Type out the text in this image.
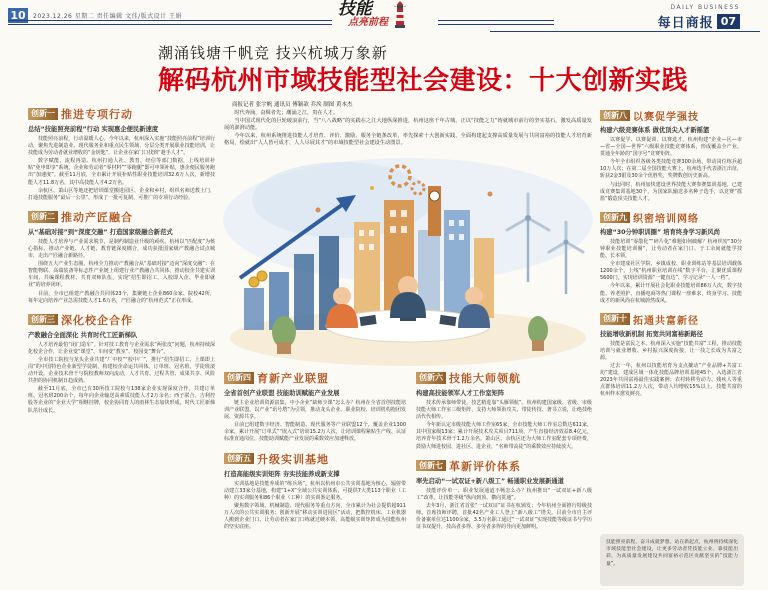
10	2023.12.26 星期二 责任编辑 文佳/版式设计 王娟	技能
点亮前程
DAILY BUSINESS
每日商报 07
潮涌钱塘千帆竞 技兴杭城万象新
解码杭州市域技能型社会建设：十大创新实践
商报记者 张宇帆 通讯员 傅颖歆 乔埃 制图 黄本杰

时代奔涌，奋楫者先；潮涌之江，贵在人才。

当中国式现代化的巨轮破浪前行，当“八八战略”的实践在之江大地纵深推进，杭州这座千年古城，正以“技能之力”铸就城市前行的坚实基石，激发高质量发展的澎湃动能。

今年以来，杭州系统推进技能人才培育、评价、激励、服务全链条改革，率先探索十大创新实践，全面构建起支撑高质量发展与共同富裕的技能人才培育新格局，绘就出“人人皆可成才、人人尽展其才”的市域技能型社会建设生动图景。

创新一 推进专项行动
总结“技能照亮前程”行动 实现惠企便民新速度

技能照亮前程，行动温暖人心。今年以来，杭州深入实施“技能照亮前程”培训行动，聚焦先进制造业、现代服务业和重点民生领域，分层分类开展职业技能培训，让技能成为劳动者就业增收的“金钥匙”，让企业在家门口找到“趁手人才”。

数字赋能，流程再造。杭州打通人社、教育、经信等部门数据，上线培训补贴“免申即享”系统，企业和劳动者“零材料”“零跑腿”即可申领补贴，惠企便民服务跑出“加速度”。截至11月底，全市累计开展补贴性职业技能培训32.6万人次，新增技能人才11.8万名，其中高技能人才4.2万名。

余杭区、萧山区等地还把培训课堂搬进园区、企业和乡村，组织名师送教上门，打通技能服务“最后一公里”，形成了一批可复制、可推广的专项行动经验。

创新二 推动产匠融合
从“基础对接”到“深度交融” 打造国家级融合新范式

技能人才培养与产业需求脱节，是制约制造业升级的顽疾。杭州以“匹配度”为核心指标，推动产业链、人才链、教育链深度耦合，成功获批国家级产教融合试点城市，走出产匠融合新路径。

围绕五大产业生态圈，杭州全力推动产教融合从“基础对接”迈向“深度交融”：在智能物联、高端装备等标志性产业链上组建行业产教融合共同体，推动校企共建实训车间、共编课程教材、共育双师队伍，实现“招生即招工、入校即入企、毕业即就业”的培养闭环。

目前，全市已组建产教融合共同体23个，集聚链上企业860余家、院校42所，每年定向培养产业急需技能人才1.6万名，产匠融合的“杭州范式”正在形成。

创新三 深化校企合作
产教融合全面深化 共育时代工匠新梯队

人才培养最怕“闭门造车”。针对技工教育与企业需求“两张皮”问题，杭州持续深化校企合作，让企业变“课堂”、车间变“教室”、校园变“舞台”。

全市技工院校与龙头企业共建“厂中校”“校中厂”，推行“招生即招工、上课即上岗”的中国特色企业新型学徒制，构建校企命运共同体。订单班、冠名班、学徒班滚动开设，企业技术骨干与院校教师双向流动，人才共育、过程共管、成果共享、风险共担的协同机制日趋成熟。

截至11月底，全市已有30所技工院校与138家企业实现深度合作，共建订单班、冠名班200余个，每年向企业输送高素质技能人才2万余名；西子联合、吉利控股等企业的“企业大学”相继挂牌，校企协同育人的雨林生态加快形成，时代工匠新梯队茁壮成长。

创新四 育新产业联盟
全省首创产业联盟 技能助训赋能产业发展

链主企业培训资源富集，中小企业“缺师少课”怎么办？杭州在全省首创技能培训产业联盟，以产业“讯号塔”为引领，推动龙头企业、职业院校、培训机构抱团发展、资源共享。

目前已组建数字经济、智能制造、现代服务等产业联盟12个，覆盖企业1300余家，累计开展“订单式”“嵌入式”培训15.2万人次，让培训课程紧贴生产线、认证标准直通岗位，技能助训赋能产业发展的乘数效应加速释放。

创新五 升级实训基地
打造高能级实训矩阵 夯实技能养成新支撑

实训基地是技能养成的“练兵场”。杭州以杭州市公共实训基地为核心，辐射带动建立33家分基地，构建“1+X”全域公共实训体系，可提供7大类113个职业（工种）的实训服务和86个职业（工种）的实训鉴定服务。

聚焦数字领域、机械制造、现代服务等重点方向，全市累计为社会提供超911万人次的公共实训服务；创新开展“移动实训进园区”活动，把数控机床、工业机器人搬到企业门口，让劳动者在家门口练就过硬本领，高能级实训矩阵成为技能杭州的坚实底座。

创新六 技能大师领航
构建高技能领军人才工作室矩阵

技术传承靠师带徒，技艺精进靠“头雁领航”。杭州构建国家级、省级、市级技能大师工作室三级矩阵，支持大师领衔攻关、带徒传技、著书立说，让绝技绝活代代相传。

今年新认定市级技能大师工作室65家，全市技能大师工作室总数达611家，其中国家级13家；累计开展技术攻关项目711项，产生直接经济效益8.4亿元，培养青年技术骨干1.2万余名。萧山区、余杭区还为大师工作室配套专项经费，鼓励大师进校园、进社区、进企业，“名师带高徒”的乘数效应持续放大。

创新七 革新评价体系
率先启动“一试双证+新八级工” 畅通职业发展新通道

技能评价单一、职业发展通道不畅怎么办？杭州推出“一试双证+新八级工”改革，让技能等级“纵向到顶、横向贯通”。

去年3月，浙江省首张“一试双证”证书在杭颁发；今年杭州全面推行特级技师、首席技师评聘，首批42名产业工人登上“新八级工”塔尖。目前全市自主评价备案单位达1100余家，3.5万名职工通过“一试双证”实现技能等级证书与学历证书双提升，技高者多得、多劳者多得的导向更加鲜明。

创新八 以赛促学强技
构建六级竞赛体系 做优顶尖人才新摇篮

以赛促学、以赛促训、以赛选才。杭州构建“企业—区—市—省—全国—世界”六级职业技能竞赛体系，形成覆盖全产业、贯通全年龄的“国字号”竞赛矩阵。

今年全市组织各级各类技能竞赛300余场，带动岗位练兵超10万人次；在第二届全国技能大赛上，杭州选手代表浙江出征，斩获2金3银及30余个优胜奖，奖牌数创历史新高。

与此同时，杭州加快建设世界技能大赛参赛集训基地，已建成竞赛集训基地30个，为国家队输送多名种子选手，以竞赛“摇篮”锻造顶尖技能人才。

创新九 织密培训网络
构建“30分钟职训圈” 培育终身学习新风尚

技能培训“零散化”“碎片化”难题如何破解？杭州织密“30分钟职业技能培训圈”，让劳动者在家门口、于工余间就能学技能、长本领。

全市建成社区学院、乡镇成校、职业训练站等基层培训载体1200余个，上线“杭州职业培训在线”数字平台，汇聚优质课程5600门，实现培训资源“一键直达”、学习记录“一人一档”。

今年以来，累计开展社会化职业技能培训86万人次，数字技能、养老照护、直播电商等热门课程一座难求，终身学习、技能成才的新风尚在杭城蔚然成风。

创新十 拓通共富新径
技能增收新机制 拓宽共同富裕新路径

技能是富民之本。杭州深入实施“技能共富”工程，推动技能培训与就业增收、乡村振兴深度衔接，让一技之长成为共富之源。

过去一年，杭州以技能培育为支点撬动“产业品牌+共富工坊”建设，建成区域一体化技能品牌培训基地45个，入选浙江省2023年共同富裕最佳实践案例；农村转移劳动力、残疾人等重点群体培训11.2万人次，带动人均增收15%以上，技能共富的杭州样本愈发鲜亮。

技能照亮前程，奋斗成就梦想。站在新起点，杭州将持续深化市域技能型社会建设，让更多劳动者凭技能立业、靠技能出彩，为高质量发展建设共同富裕示范区贡献坚实的“技能力量”。
